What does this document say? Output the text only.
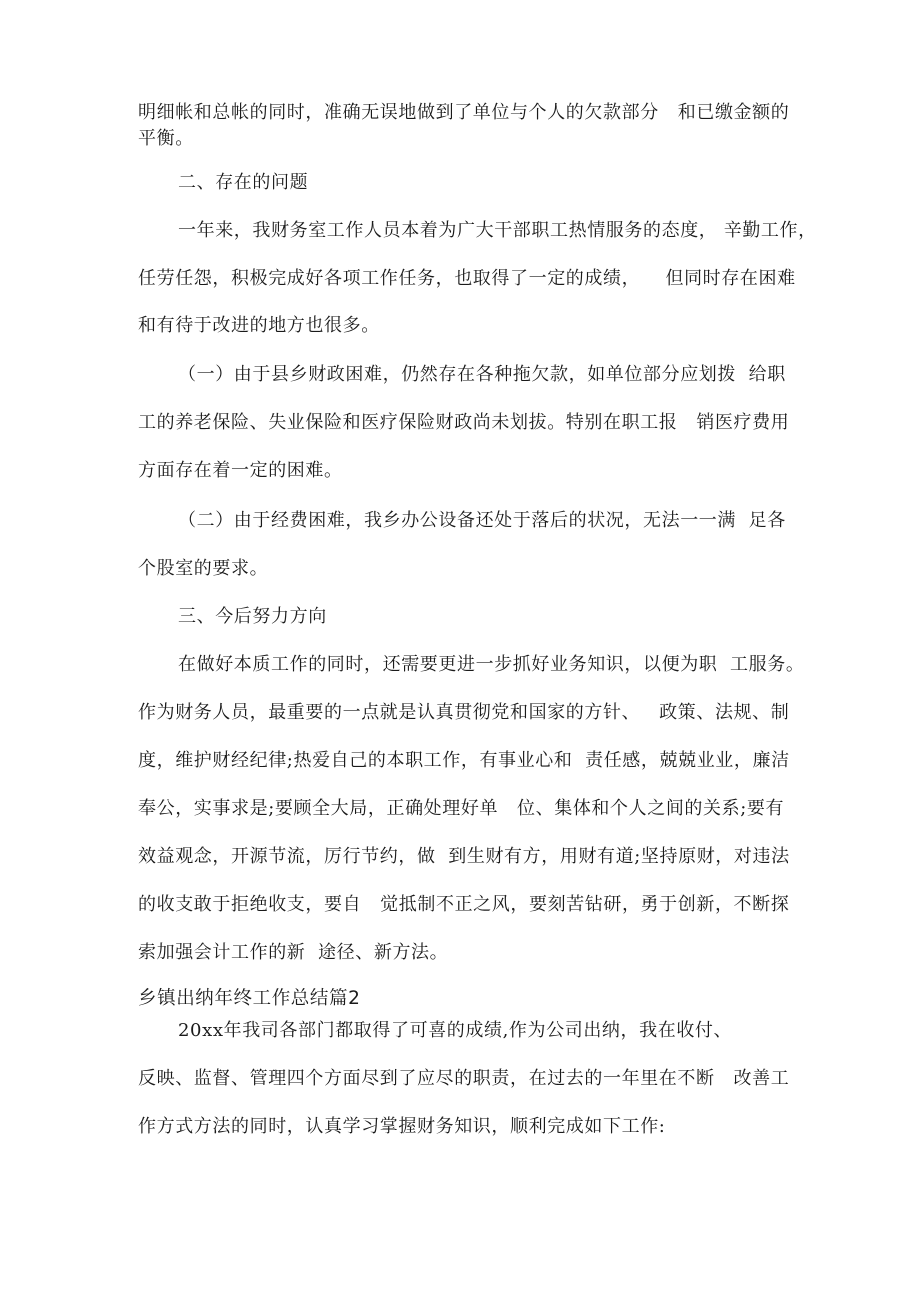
明细帐和总帐的同时，准确无误地做到了单位与个人的欠款部分   和已缴金额的
平衡。
二、存在的问题
一年来，我财务室工作人员本着为广大干部职工热情服务的态度， 辛勤工作，
任劳任怨，积极完成好各项工作任务，也取得了一定的成绩，    但同时存在困难
和有待于改进的地方也很多。
（一）由于县乡财政困难，仍然存在各种拖欠款，如单位部分应划拨  给职
工的养老保险、失业保险和医疗保险财政尚未划拔。特别在职工报   销医疗费用
方面存在着一定的困难。
（二）由于经费困难，我乡办公设备还处于落后的状况，无法一一满  足各
个股室的要求。
三、今后努力方向
在做好本质工作的同时，还需要更进一步抓好业务知识，以便为职  工服务。
作为财务人员，最重要的一点就是认真贯彻党和国家的方针、   政策、法规、制
度，维护财经纪律;热爱自己的本职工作，有事业心和  责任感，兢兢业业，廉洁
奉公，实事求是;要顾全大局，正确处理好单   位、集体和个人之间的关系;要有
效益观念，开源节流，厉行节约，做  到生财有方，用财有道;坚持原财，对违法
的收支敢于拒绝收支，要自   觉抵制不正之风，要刻苦钻研，勇于创新，不断探
索加强会计工作的新  途径、新方法。
乡镇出纳年终工作总结篇2
20xx年我司各部门都取得了可喜的成绩,作为公司出纳，我在收付、
反映、监督、管理四个方面尽到了应尽的职责，在过去的一年里在不断   改善工
作方式方法的同时，认真学习掌握财务知识，顺利完成如下工作:
